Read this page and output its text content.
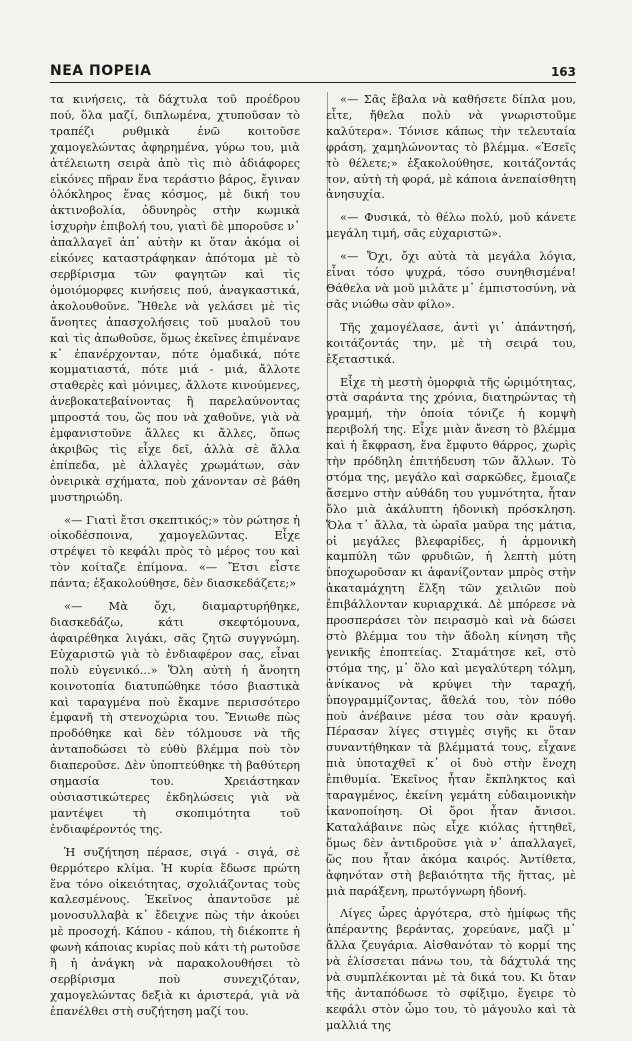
ΝΕΑ ΠΟΡΕΙΑ	163

τα κινήσεις, τὰ δάχτυλα τοῦ προέδρου πού, ὅλα μαζί, διπλωμένα, χτυποῦσαν τὸ τραπέζι ρυθμικὰ ἐνῶ κοιτοῦσε χαμογελώντας ἀφηρημένα, γύρω του, μιὰ ἀτέλειωτη σειρὰ ἀπὸ τὶς πιὸ ἀδιάφορες εἰκόνες πῆραν ἕνα τεράστιο βάρος, ἔγιναν ὁλόκληρος ἕνας κόσμος, μὲ δική του ἀκτινοβολία, ὀδυνηρὸς στὴν κωμικὰ ἰσχυρὴν ἐπιβολή του, γιατὶ δὲ μποροῦσε ν᾿ ἀπαλλαγεῖ ἀπ᾿ αὐτὴν κι ὅταν ἀκόμα οἱ εἰκόνες καταστράφηκαν ἀπότομα μὲ τὸ σερβίρισμα τῶν φαγητῶν καὶ τὶς ὁμοιόμορφες κινήσεις πού, ἀναγκαστικά, ἀκολουθοῦνε. Ἤθελε νὰ γελάσει μὲ τὶς ἄνοητες ἀπασχολήσεις τοῦ μυαλοῦ του καὶ τὶς ἀπωθοῦσε, ὅμως ἐκεῖνες ἐπιμένανε κ᾿ ἐπανέρχονταν, πότε ὁμαδικά, πότε κομματιαστά, πότε μιά - μιά, ἄλλοτε σταθερὲς καὶ μόνιμες, ἄλλοτε κινούμενες, ἀνεβοκατεβαίνοντας ἢ παρελαύνοντας μπροστά του, ὥς που νὰ χαθοῦνε, γιὰ νὰ ἐμφανιστοῦνε ἄλλες κι ἄλλες, ὅπως ἀκριβῶς τὶς εἶχε δεῖ, ἀλλὰ σὲ ἄλλα ἐπίπεδα, μὲ ἀλλαγὲς χρωμάτων, σὰν ὀνειρικὰ σχήματα, ποὺ χάνονταν σὲ βάθη μυστηριώδη.

«— Γιατὶ ἔτσι σκεπτικός;» τὸν ρώτησε ἡ οἰκοδέσποινα, χαμογελῶντας. Εἶχε στρέψει τὸ κεφάλι πρὸς τὸ μέρος του καὶ τὸν κοίταζε ἐπίμονα. «— Ἔτσι εἶστε πάντα; ἐξακολούθησε, δὲν διασκεδάζετε;»

«— Μὰ ὄχι, διαμαρτυρήθηκε, διασκεδάζω, κάτι σκεφτόμουνα, ἀφαιρέθηκα λιγάκι, σᾶς ζητῶ συγγνώμη. Εὐχαριστῶ γιὰ τὸ ἐνδιαφέρον σας, εἶναι πολὺ εὐγενικό...» Ὅλη αὐτὴ ἡ ἄνοητη κοινοτοπία διατυπώθηκε τόσο βιαστικὰ καὶ ταραγμένα ποὺ ἔκαμνε περισσότερο ἐμφανῆ τὴ στενοχώρια του. Ἔνιωθε πὼς προδόθηκε καὶ δὲν τόλμουσε νὰ τῆς ἀνταποδώσει τὸ εὐθὺ βλέμμα ποὺ τὸν διαπεροῦσε. Δὲν ὑποπτεύθηκε τὴ βαθύτερη σημασία του. Χρειάστηκαν οὐσιαστικώτερες ἐκδηλώσεις γιὰ νὰ μαντέψει τὴ σκοπιμότητα τοῦ ἐνδιαφέροντός της.

Ἡ συζήτηση πέρασε, σιγά - σιγά, σὲ θερμότερο κλίμα. Ἡ κυρία ἔδωσε πρώτη ἕνα τόνο οἰκειότητας, σχολιάζοντας τοὺς καλεσμένους. Ἐκεῖνος ἀπαντοῦσε μὲ μονοσυλλαβὰ κ᾿ ἔδειχνε πὼς τὴν ἀκούει μὲ προσοχή. Κάπου - κάπου, τὴ διέκοπτε ἡ φωνὴ κάποιας κυρίας ποὺ κάτι τὴ ρωτοῦσε ἢ ἡ ἀνάγκη νὰ παρακολουθήσει τὸ σερβίρισμα ποὺ συνεχιζόταν, χαμογελώντας δεξιὰ κι ἀριστερά, γιὰ νὰ ἐπανέλθει στὴ συζήτηση μαζί του.

«— Σᾶς ἔβαλα νὰ καθήσετε δίπλα μου, εἶτε, ἤθελα πολὺ νὰ γνωριστοῦμε καλύτερα». Τόνισε κάπως τὴν τελευταία φράση, χαμηλώνοντας τὸ βλέμμα. «Ἐσεῖς τὸ θέλετε;» ἐξακολούθησε, κοιτάζοντάς τον, αὐτὴ τὴ φορά, μὲ κάποια ἀνεπαίσθητη ἀνησυχία.

«— Φυσικά, τὸ θέλω πολύ, μοῦ κάνετε μεγάλη τιμή, σᾶς εὐχαριστῶ».

«— Ὄχι, ὄχι αὐτὰ τὰ μεγάλα λόγια, εἶναι τόσο ψυχρά, τόσο συνηθισμένα! Θάθελα νὰ μοῦ μιλᾶτε μ᾿ ἐμπιστοσύνη, νὰ σᾶς νιώθω σὰν φίλο».

Τῆς χαμογέλασε, ἀντὶ γι᾿ ἀπάντησή, κοιτάζοντάς την, μὲ τὴ σειρά του, ἐξεταστικά.

Εἶχε τὴ μεστὴ ὀμορφιὰ τῆς ὡριμότητας, στὰ σαράντα της χρόνια, διατηρώντας τὴ γραμμή, τὴν ὁποία τόνιζε ἡ κομψὴ περιβολή της. Εἶχε μιὰν ἄνεση τὸ βλέμμα καὶ ἡ ἔκφραση, ἕνα ἔμφυτο θάρρος, χωρὶς τὴν πρόδηλη ἐπιτήδευση τῶν ἄλλων. Τὸ στόμα της, μεγάλο καὶ σαρκῶδες, ἔμοιαζε ἄσεμνο στὴν αὐθάδη του γυμνότητα, ἦταν ὅλο μιὰ ἀκάλυπτη ἡδονικὴ πρόσκληση. Ὅλα τ᾿ ἄλλα, τὰ ὡραῖα μαῦρα της μάτια, οἱ μεγάλες βλεφαρίδες, ἡ ἁρμονικὴ καμπύλη τῶν φρυδιῶν, ἡ λεπτὴ μύτη ὑποχωροῦσαν κι ἀφανίζονταν μπρὸς στὴν ἀκαταμάχητη ἕλξη τῶν χειλιῶν ποὺ ἐπιβάλλονταν κυριαρχικά. Δὲ μπόρεσε νὰ προσπεράσει τὸν πειρασμὸ καὶ νὰ δώσει στὸ βλέμμα του τὴν ἄδολη κίνηση τῆς γενικῆς ἐποπτείας. Σταμάτησε κεῖ, στὸ στόμα της, μ᾿ ὅλο καὶ μεγαλύτερη τόλμη, ἀνίκανος νὰ κρύψει τὴν ταραχή, ὑπογραμμίζοντας, ἄθελά του, τὸν πόθο ποὺ ἀνέβαινε μέσα του σὰν κραυγή. Πέρασαν λίγες στιγμὲς σιγῆς κι ὅταν συναντήθηκαν τὰ βλέμματά τους, εἶχανε πιὰ ὑποταχθεῖ κ᾿ οἱ δυὸ στὴν ἔνοχη ἐπιθυμία. Ἐκεῖνος ἦταν ἔκπληκτος καὶ ταραγμένος, ἐκείνη γεμάτη εὐδαιμονικὴν ἱκανοποίηση. Οἱ ὅροι ἦταν ἄνισοι. Καταλάβαινε πὼς εἶχε κιόλας ἡττηθεῖ, ὅμως δὲν ἀντιδροῦσε γιὰ ν᾿ ἀπαλλαγεῖ, ὥς που ἦταν ἀκόμα καιρός. Ἀντίθετα, ἀφηνόταν στὴ βεβαιότητα τῆς ἥττας, μὲ μιὰ παράξενη, πρωτόγνωρη ἡδονή.

Λίγες ὧρες ἀργότερα, στὸ ἡμίφως τῆς ἀπέραντης βεράντας, χορεύανε, μαζὶ μ᾿ ἄλλα ζευγάρια. Αἰσθανόταν τὸ κορμί της νὰ ἑλίσσεται πάνω του, τὰ δάχτυλά της νὰ συμπλέκονται μὲ τὰ δικά του. Κι ὅταν τῆς ἀνταπόδωσε τὸ σφίξιμο, ἔγειρε τὸ κεφάλι στὸν ὦμο του, τὸ μάγουλο καὶ τὰ μαλλιά της
